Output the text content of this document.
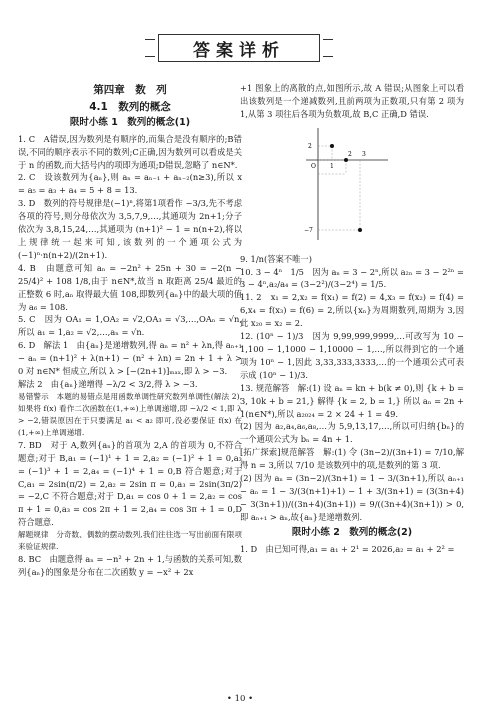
答案详析
第四章　数　列
4.1　数列的概念
限时小练 1　数列的概念(1)

1. C　A错误,因为数列是有顺序的,而集合是没有顺序的;B错误,不同的顺序表示不同的数列;C正确,因为数列可以看成是关于 n 的函数,而大括号内的项即为通项;D错误,忽略了 n∈N*.

2. C　设该数列为{aₙ},则 aₙ = aₙ₋₁ + aₙ₋₂(n≥3),所以 x = a₅ = a₃ + a₄ = 5 + 8 = 13.

3. D　数列的符号规律是(−1)ⁿ,将第1项看作 −3/3,先不考虑各项的符号,则分母依次为 3,5,7,9,…,其通项为 2n+1;分子依次为 3,8,15,24,…,其通项为 (n+1)² − 1 = n(n+2),将以上规律统一起来可知,该数列的一个通项公式为 (−1)ⁿ·n(n+2)/(2n+1).

4. B　由题意可知 aₙ = −2n² + 25n + 30 = −2(n − 25/4)² + 108 1/8,由于 n∈N*,故当 n 取距离 25/4 最近的正整数 6 时,aₙ 取得最大值 108,即数列{aₙ}中的最大项的值为 a₆ = 108.

5. C　因为 OA₁ = 1,OA₂ = √2,OA₃ = √3,…,OAₙ = √n,所以 a₁ = 1,a₂ = √2,…,aₙ = √n.

6. D　解法 1　由{aₙ}是递增数列,得 aₙ = n² + λn,得 aₙ₊₁ − aₙ = (n+1)² + λ(n+1) − (n² + λn) = 2n + 1 + λ > 0 对 n∈N* 恒成立,所以 λ > [−(2n+1)]ₘₐₓ,即 λ > −3.

解法 2　由{aₙ}递增得 −λ/2 < 3/2,得 λ > −3.

易错警示　本题的易错点是用函数单调性研究数列单调性(解法 2),如果将 f(x) 看作二次函数在(1,+∞)上单调递增,即 −λ/2 < 1,即 λ > −2,错误原因在于只要满足 a₁ < a₂ 即可,没必要保证 f(x) 在(1,+∞)上单调递增.

7. BD　对于 A,数列{aₙ}的首项为 2,A 的首项为 0,不符合题意;对于 B,a₁ = (−1)¹ + 1 = 2,a₂ = (−1)² + 1 = 0,a₃ = (−1)³ + 1 = 2,a₄ = (−1)⁴ + 1 = 0,B 符合题意;对于 C,a₁ = 2sin(π/2) = 2,a₂ = 2sin π = 0,a₃ = 2sin(3π/2) = −2,C 不符合题意;对于 D,a₁ = cos 0 + 1 = 2,a₂ = cos π + 1 = 0,a₃ = cos 2π + 1 = 2,a₄ = cos 3π + 1 = 0,D 符合题意.

解题规律　分奇数、偶数的摆动数列,我们往往选一写出前面有限项来验证规律.

8. BC　由题意得 aₙ = −n² + 2n + 1,与函数的关系可知,数列{aₙ}的图象是分布在二次函数 y = −x² + 2x

+1 图象上的离散的点,如图所示,故 A 错误;从图象上可以看出该数列是一个递减数列,且前两项为正数项,只有第 2 项为 1,从第 3 项往后各项为负数项,故 B,C 正确,D 错误.

2
−7
O 1
2 3

9. 1/n(答案不唯一)

10. 3 − 4ⁿ　1/5　因为 aₙ = 3 − 2ⁿ,所以 a₂ₙ = 3 − 2²ⁿ = 3 − 4ⁿ,a₂/a₄ = (3−2²)/(3−2⁴) = 1/5.

11. 2　x₁ = 2,x₂ = f(x₁) = f(2) = 4,x₃ = f(x₂) = f(4) = 6,x₄ = f(x₃) = f(6) = 2,所以{xₙ}为周期数列,周期为 3,因此 x₂₀ = x₂ = 2.

12. (10ⁿ − 1)/3　因为 9,99,999,9999,…可改写为 10 − 1,100 − 1,1000 − 1,10000 − 1,…,所以得到它的一个通项为 10ⁿ − 1,因此 3,33,333,3333,…的一个通项公式可表示成 (10ⁿ − 1)/3.

13. 规范解答　解:(1) 设 aₙ = kn + b(k ≠ 0),则 {k + b = 3, 10k + b = 21,} 解得 {k = 2, b = 1,} 所以 aₙ = 2n + 1(n∈N*),所以 a₂₀₂₄ = 2 × 24 + 1 = 49.

(2) 因为 a₂,a₄,a₆,a₈,…为 5,9,13,17,…,所以可归纳{bₙ}的一个通项公式为 bₙ = 4n + 1.

[拓广探索]规范解答　解:(1) 令 (3n−2)/(3n+1) = 7/10,解得 n = 3,所以 7/10 是该数列中的项,是数列的第 3 项.

(2) 因为 aₙ = (3n−2)/(3n+1) = 1 − 3/(3n+1),所以 aₙ₊₁ − aₙ = 1 − 3/(3(n+1)+1) − 1 + 3/(3n+1) = (3(3n+4) − 3(3n+1))/((3n+4)(3n+1)) = 9/((3n+4)(3n+1)) > 0,即 aₙ₊₁ > aₙ,故{aₙ}是递增数列.

限时小练 2　数列的概念(2)

1. D　由已知可得,a₁ = a₁ + 2¹ = 2026,a₂ = a₁ + 2² =

• 10 •
